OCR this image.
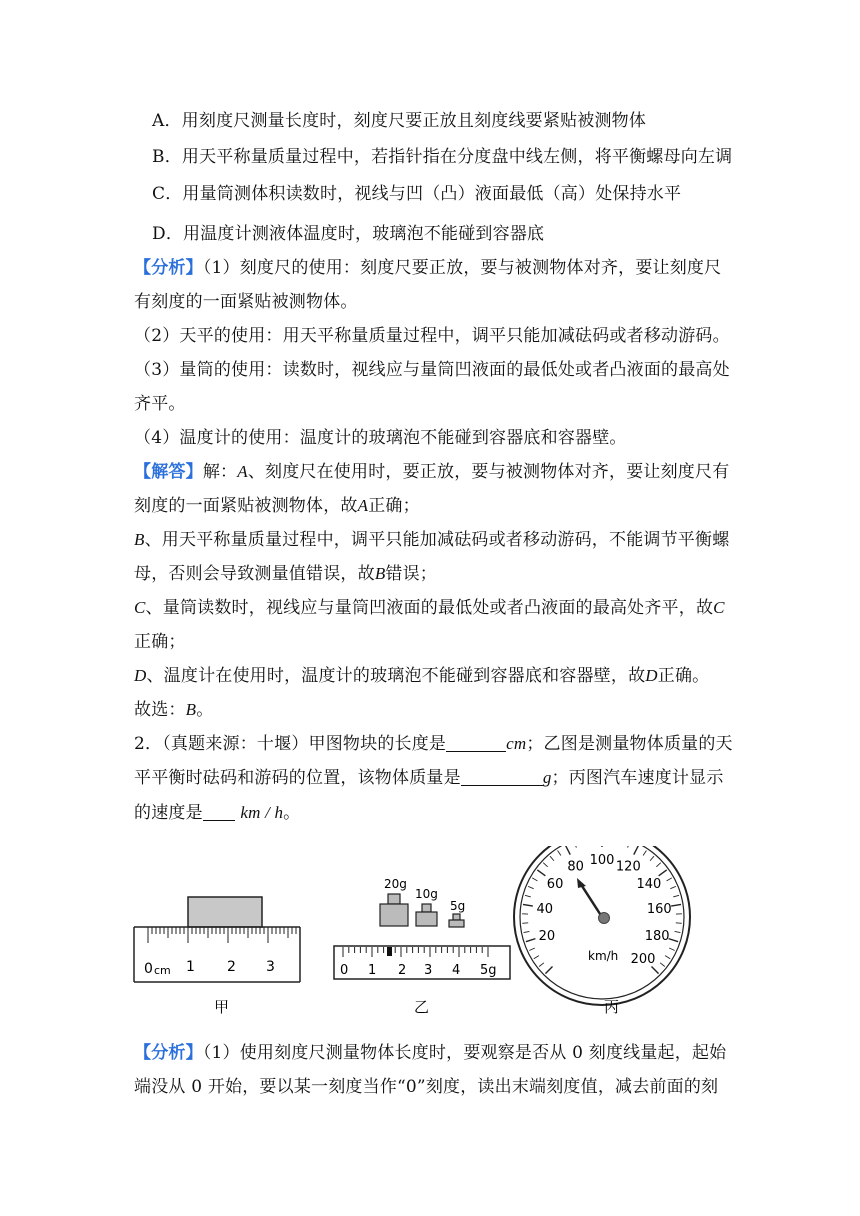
A．用刻度尺测量长度时，刻度尺要正放且刻度线要紧贴被测物体
B．用天平称量质量过程中，若指针指在分度盘中线左侧，将平衡螺母向左调
C．用量筒测体积读数时，视线与凹（凸）液面最低（高）处保持水平
D．用温度计测液体温度时，玻璃泡不能碰到容器底
【分析】（1）刻度尺的使用：刻度尺要正放，要与被测物体对齐，要让刻度尺
有刻度的一面紧贴被测物体。
（2）天平的使用：用天平称量质量过程中，调平只能加减砝码或者移动游码。
（3）量筒的使用：读数时，视线应与量筒凹液面的最低处或者凸液面的最高处
齐平。
（4）温度计的使用：温度计的玻璃泡不能碰到容器底和容器壁。
【解答】解：A、刻度尺在使用时，要正放，要与被测物体对齐，要让刻度尺有
刻度的一面紧贴被测物体，故A正确；
B、用天平称量质量过程中，调平只能加减砝码或者移动游码，不能调节平衡螺
母，否则会导致测量值错误，故B错误；
C、量筒读数时，视线应与量筒凹液面的最低处或者凸液面的最高处齐平，故C
正确；
D、温度计在使用时，温度计的玻璃泡不能碰到容器底和容器壁，故D正确。
故选：B。
2．（真题来源：十堰）甲图物块的长度是	cm；乙图是测量物体质量的天
平平衡时砝码和游码的位置，该物体质量是	g；丙图汽车速度计显示
的速度是 km / h。
0 cm 1 2 3
20g
10g
5g
0 1 2 3 4 5g
20
40
60
80 100 120
140
160
180
200
km/h
甲	乙	丙
【分析】（1）使用刻度尺测量物体长度时，要观察是否从 0 刻度线量起，起始
端没从 0 开始，要以某一刻度当作“0”刻度，读出末端刻度值，减去前面的刻
